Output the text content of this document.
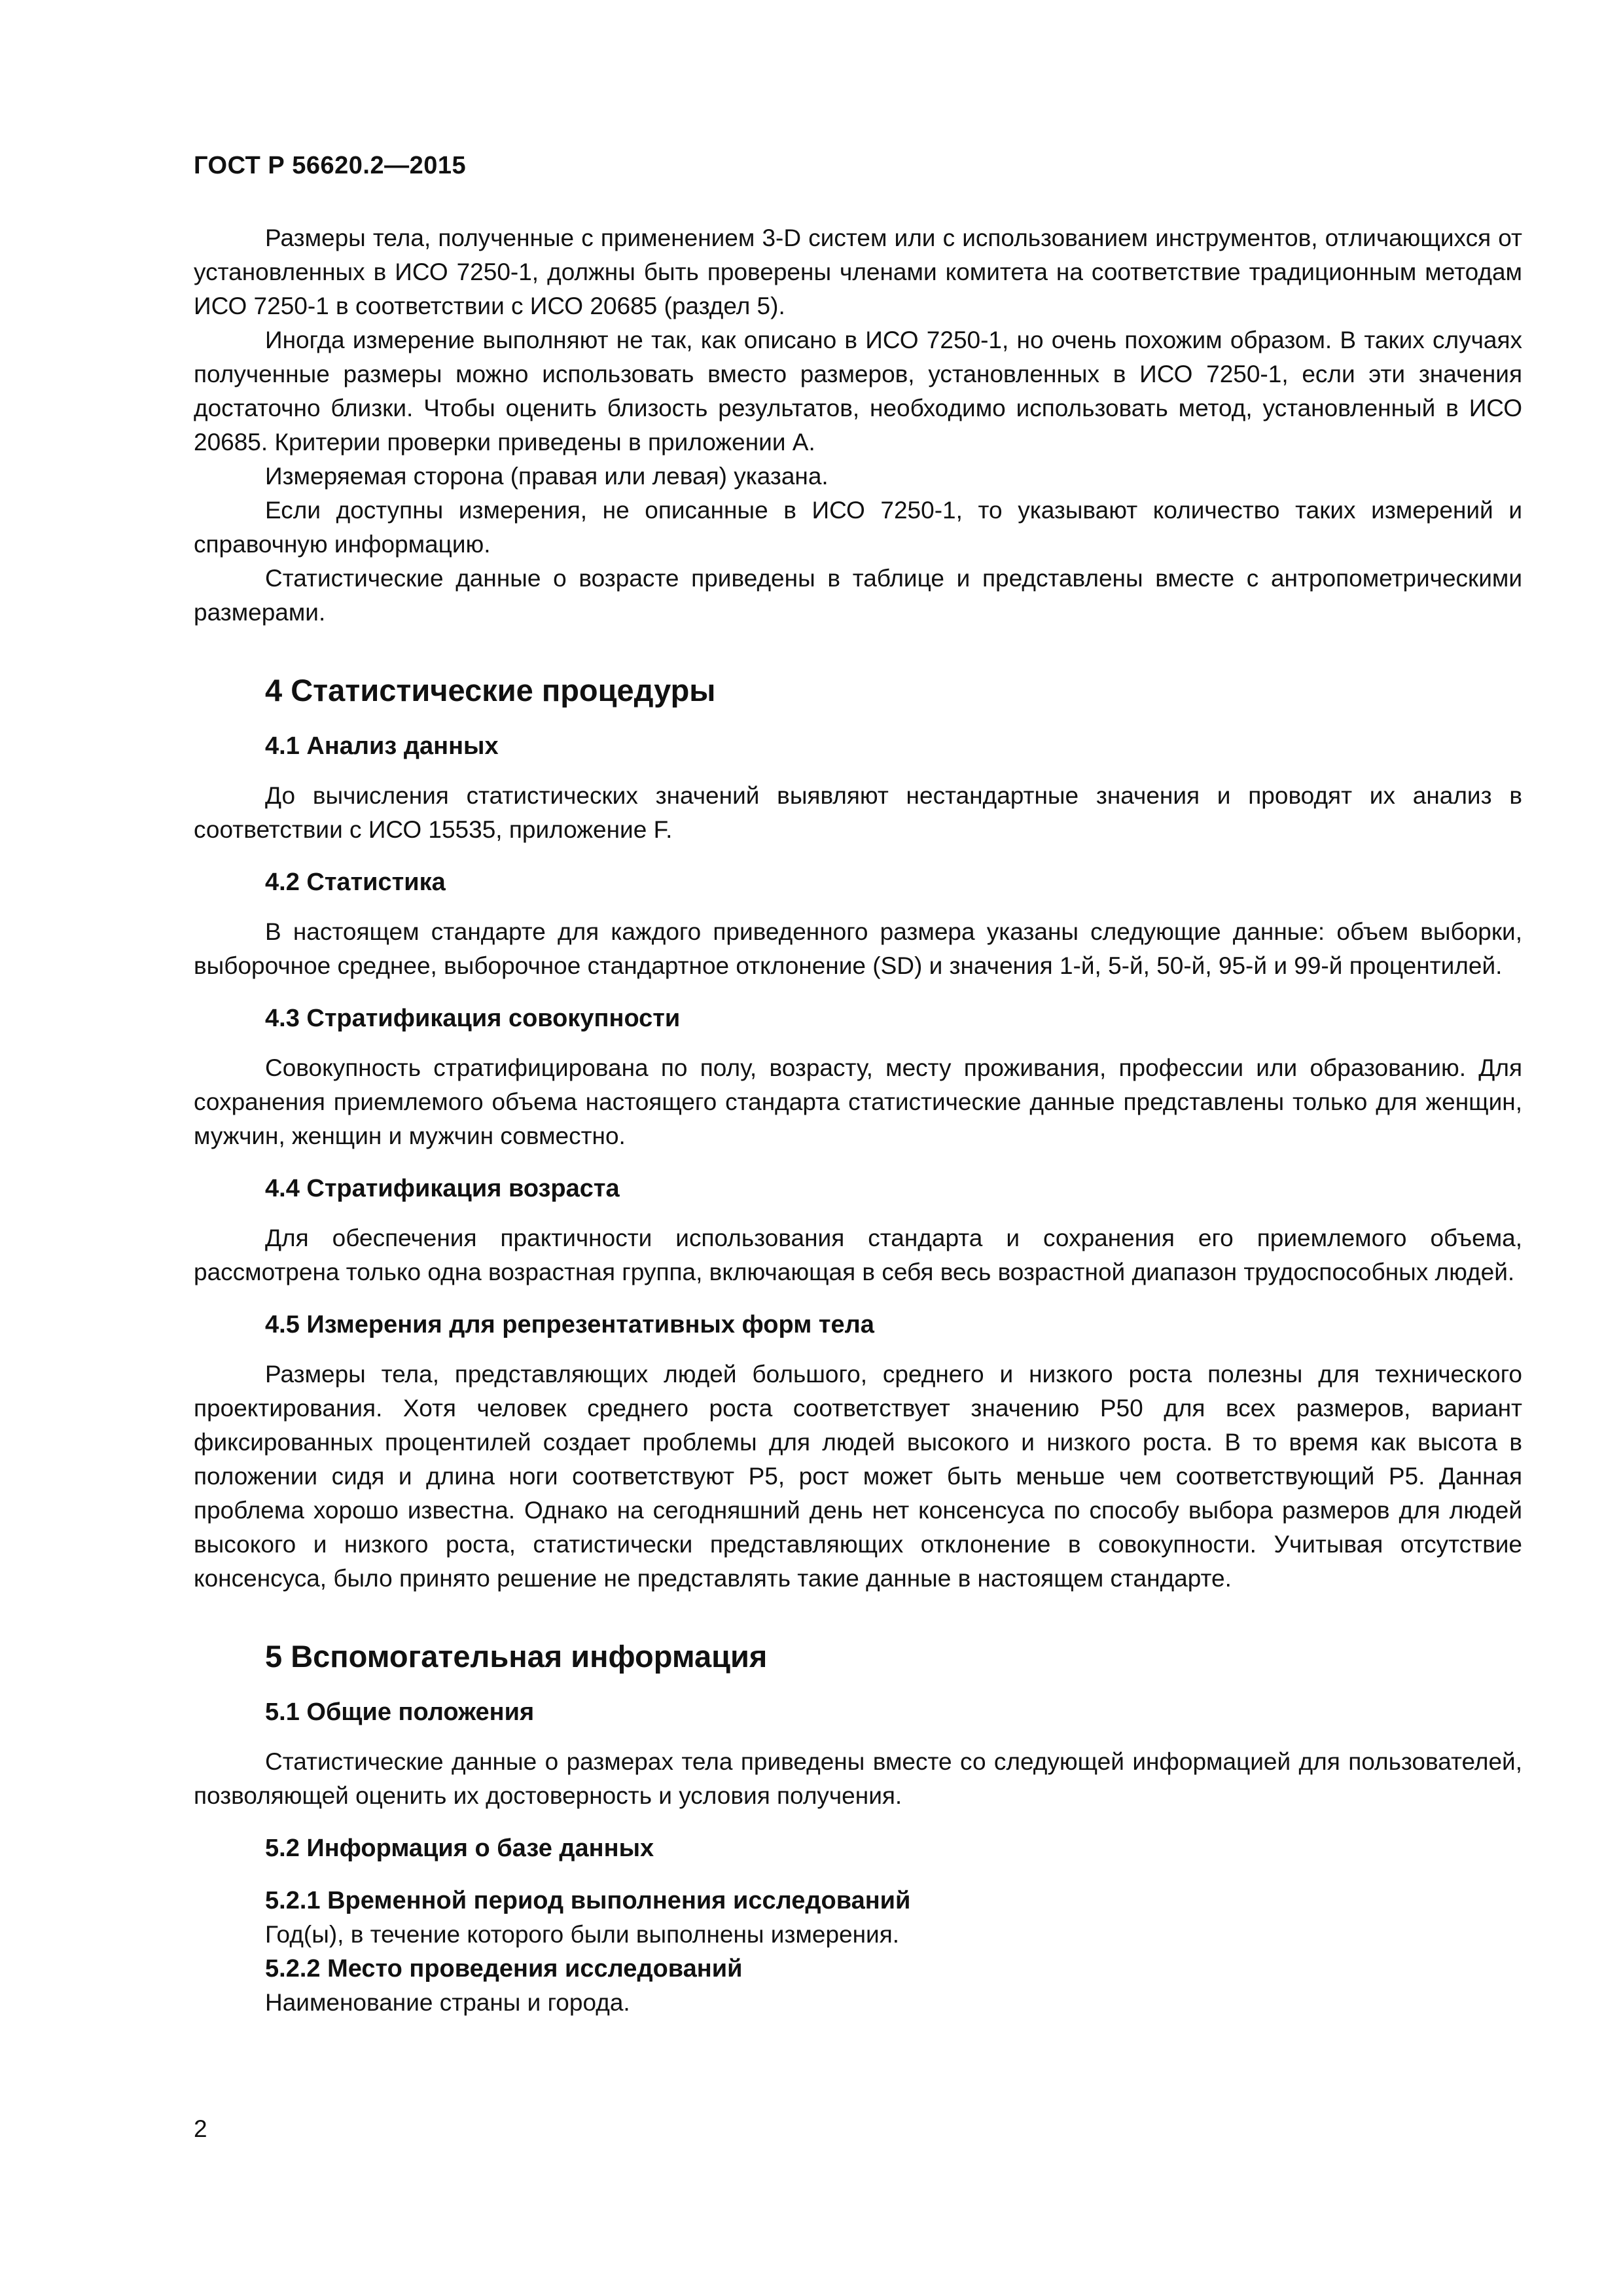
ГОСТ Р 56620.2—2015

Размеры тела, полученные с применением 3-D систем или с использованием инструментов, отличающихся от установленных в ИСО 7250-1, должны быть проверены членами комитета на соответствие традиционным методам ИСО 7250-1 в соответствии с ИСО 20685 (раздел 5).

Иногда измерение выполняют не так, как описано в ИСО 7250-1, но очень похожим образом. В таких случаях полученные размеры можно использовать вместо размеров, установленных в ИСО 7250-1, если эти значения достаточно близки. Чтобы оценить близость результатов, необходимо использовать метод, установленный в ИСО 20685. Критерии проверки приведены в приложении А.

Измеряемая сторона (правая или левая) указана.

Если доступны измерения, не описанные в ИСО 7250-1, то указывают количество таких измерений и справочную информацию.

Статистические данные о возрасте приведены в таблице и представлены вместе с антропометрическими размерами.

4 Статистические процедуры
4.1 Анализ данных

До вычисления статистических значений выявляют нестандартные значения и проводят их анализ в соответствии с ИСО 15535, приложение F.

4.2 Статистика

В настоящем стандарте для каждого приведенного размера указаны следующие данные: объем выборки, выборочное среднее, выборочное стандартное отклонение (SD) и значения 1-й, 5-й, 50-й, 95-й и 99-й процентилей.

4.3 Стратификация совокупности

Совокупность стратифицирована по полу, возрасту, месту проживания, профессии или образованию. Для сохранения приемлемого объема настоящего стандарта статистические данные представлены только для женщин, мужчин, женщин и мужчин совместно.

4.4 Стратификация возраста

Для обеспечения практичности использования стандарта и сохранения его приемлемого объема, рассмотрена только одна возрастная группа, включающая в себя весь возрастной диапазон трудоспособных людей.

4.5 Измерения для репрезентативных форм тела

Размеры тела, представляющих людей большого, среднего и низкого роста полезны для технического проектирования. Хотя человек среднего роста соответствует значению Р50 для всех размеров, вариант фиксированных процентилей создает проблемы для людей высокого и низкого роста. В то время как высота в положении сидя и длина ноги соответствуют Р5, рост может быть меньше чем соответствующий Р5. Данная проблема хорошо известна. Однако на сегодняшний день нет консенсуса по способу выбора размеров для людей высокого и низкого роста, статистически представляющих отклонение в совокупности. Учитывая отсутствие консенсуса, было принято решение не представлять такие данные в настоящем стандарте.

5 Вспомогательная информация
5.1 Общие положения

Статистические данные о размерах тела приведены вместе со следующей информацией для пользователей, позволяющей оценить их достоверность и условия получения.

5.2 Информация о базе данных
5.2.1 Временной период выполнения исследований

Год(ы), в течение которого были выполнены измерения.

5.2.2 Место проведения исследований

Наименование страны и города.

2
